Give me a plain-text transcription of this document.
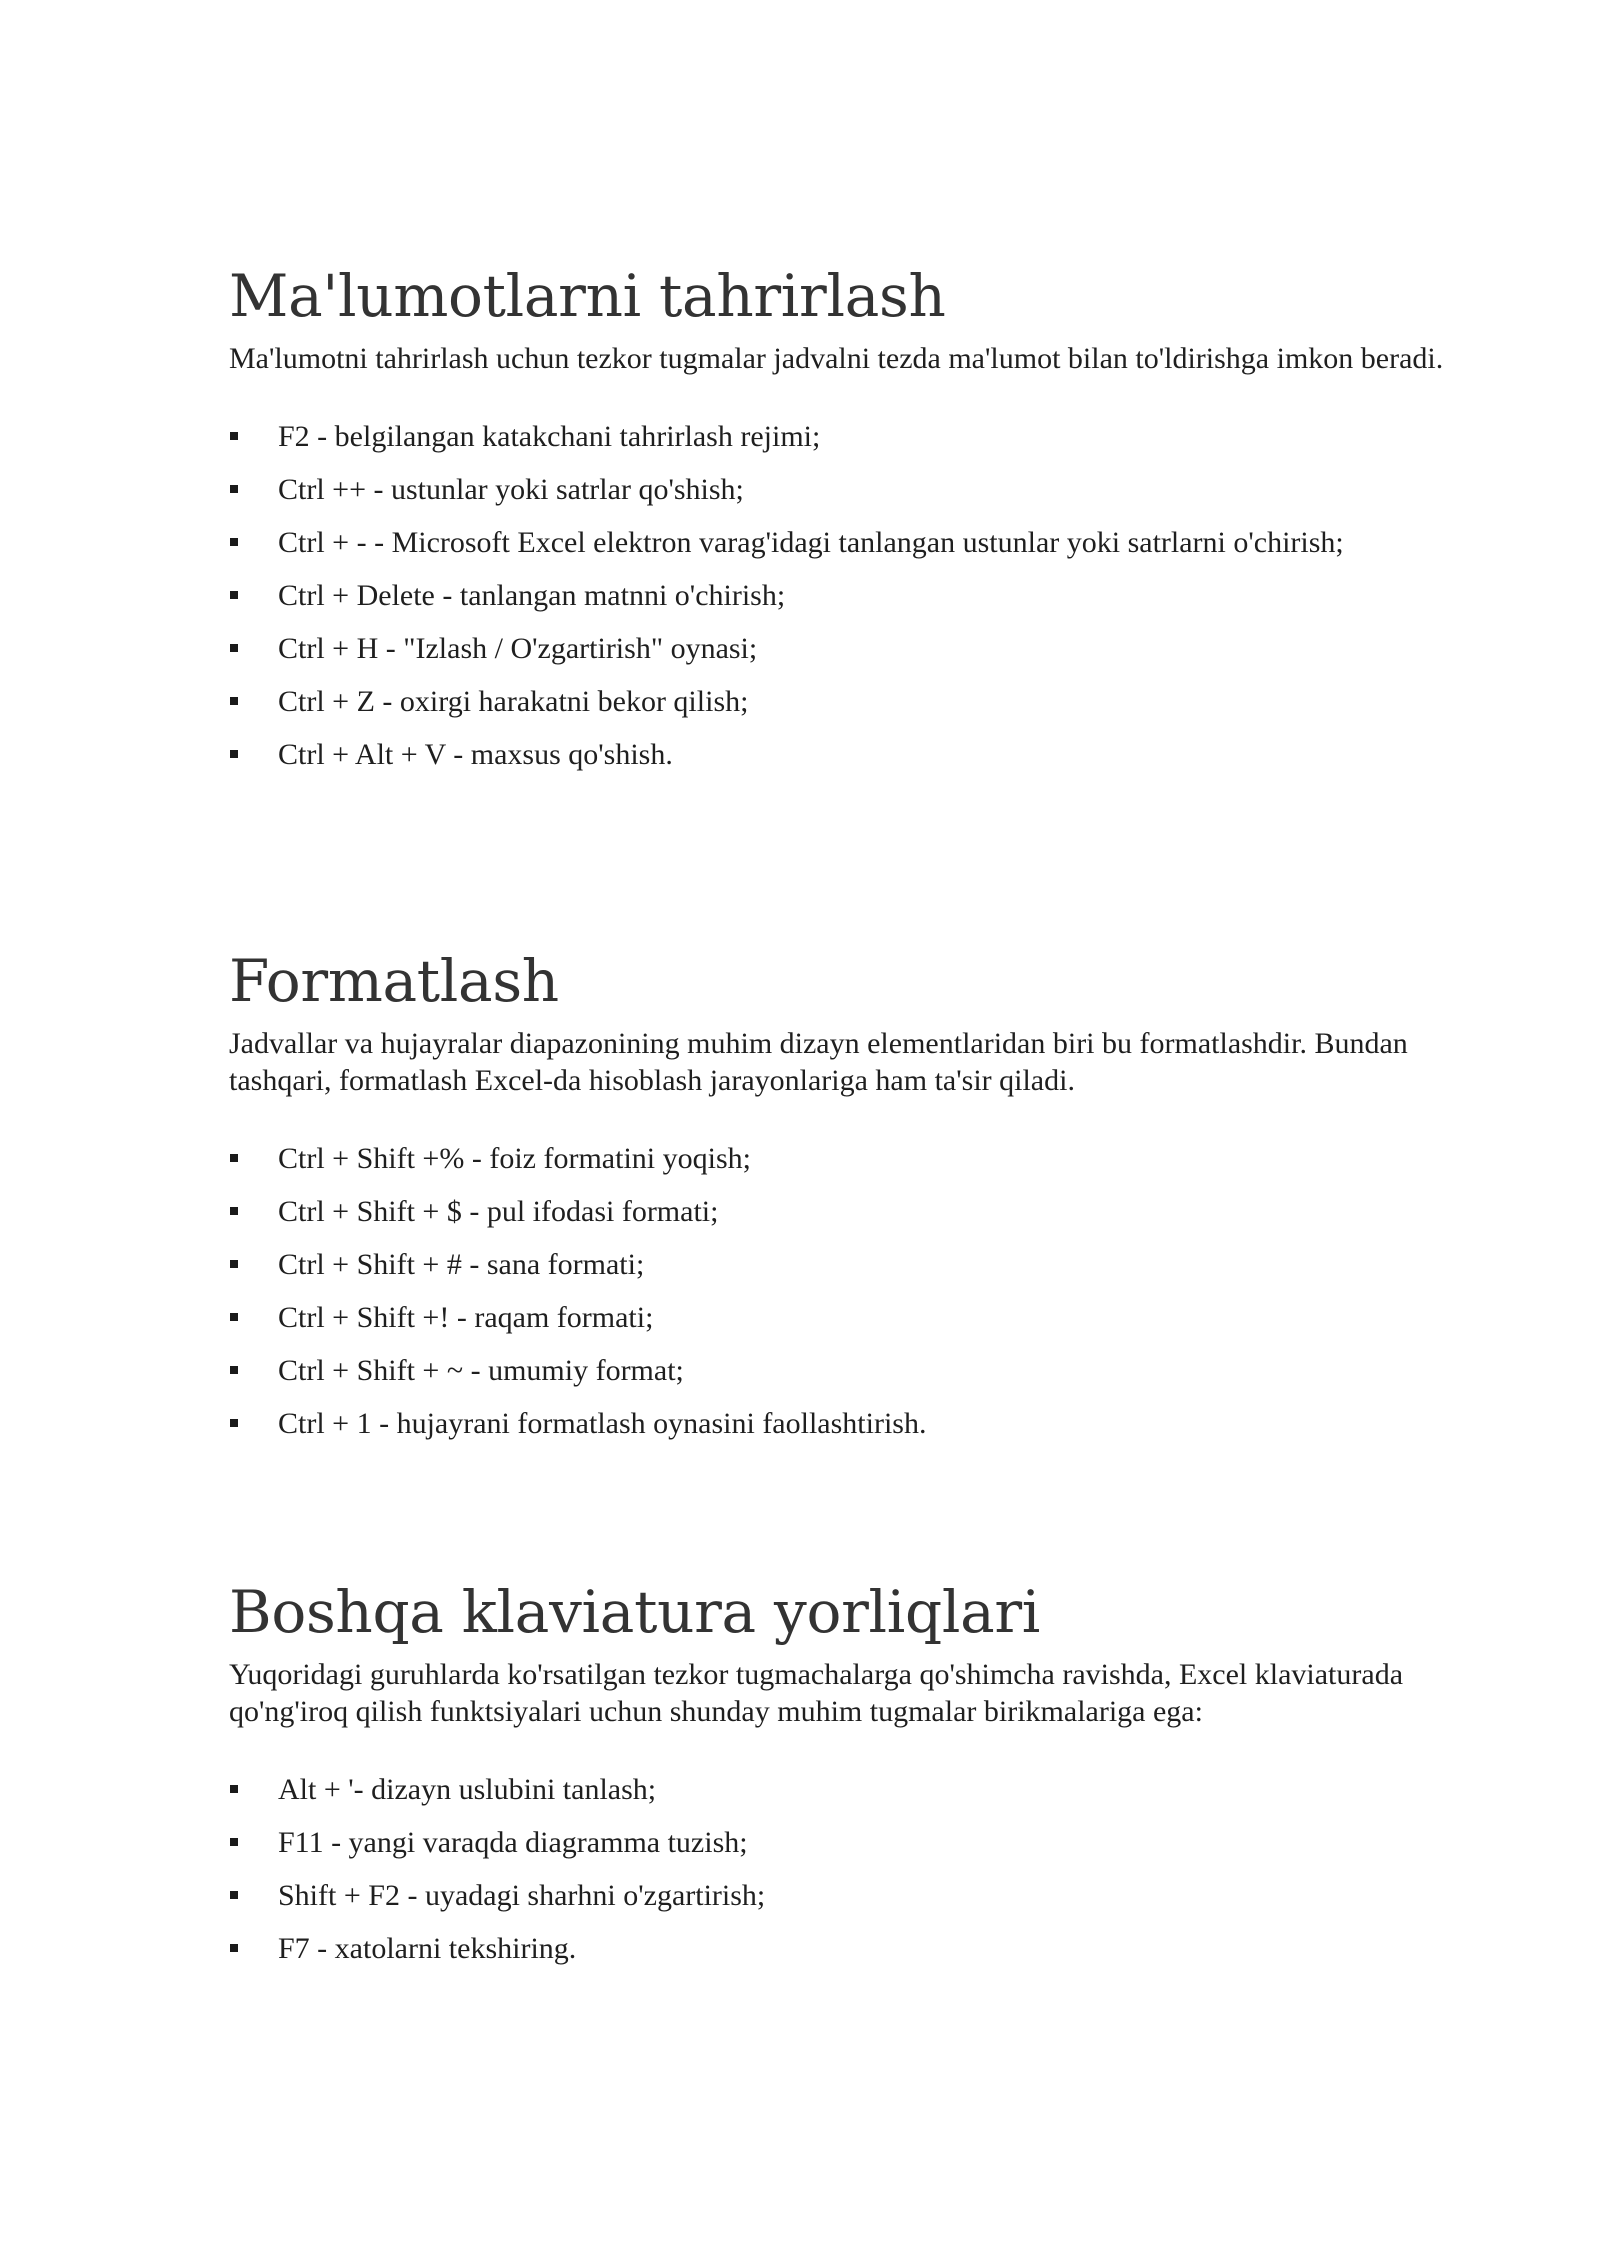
Ma'lumotlarni tahrirlash

Ma'lumotni tahrirlash uchun tezkor tugmalar jadvalni tezda ma'lumot bilan to'ldirishga imkon beradi.

F2 - belgilangan katakchani tahrirlash rejimi;
Ctrl ++ - ustunlar yoki satrlar qo'shish;
Ctrl + - - Microsoft Excel elektron varag'idagi tanlangan ustunlar yoki satrlarni o'chirish;
Ctrl + Delete - tanlangan matnni o'chirish;
Ctrl + H - "Izlash / O'zgartirish" oynasi;
Ctrl + Z - oxirgi harakatni bekor qilish;
Ctrl + Alt + V - maxsus qo'shish.
Formatlash

Jadvallar va hujayralar diapazonining muhim dizayn elementlaridan biri bu formatlashdir. Bundan tashqari, formatlash Excel-da hisoblash jarayonlariga ham ta'sir qiladi.

Ctrl + Shift +% - foiz formatini yoqish;
Ctrl + Shift + $ - pul ifodasi formati;
Ctrl + Shift + # - sana formati;
Ctrl + Shift +! - raqam formati;
Ctrl + Shift + ~ - umumiy format;
Ctrl + 1 - hujayrani formatlash oynasini faollashtirish.
Boshqa klaviatura yorliqlari

Yuqoridagi guruhlarda ko'rsatilgan tezkor tugmachalarga qo'shimcha ravishda, Excel klaviaturada qo'ng'iroq qilish funktsiyalari uchun shunday muhim tugmalar birikmalariga ega:

Alt + '- dizayn uslubini tanlash;
F11 - yangi varaqda diagramma tuzish;
Shift + F2 - uyadagi sharhni o'zgartirish;
F7 - xatolarni tekshiring.
